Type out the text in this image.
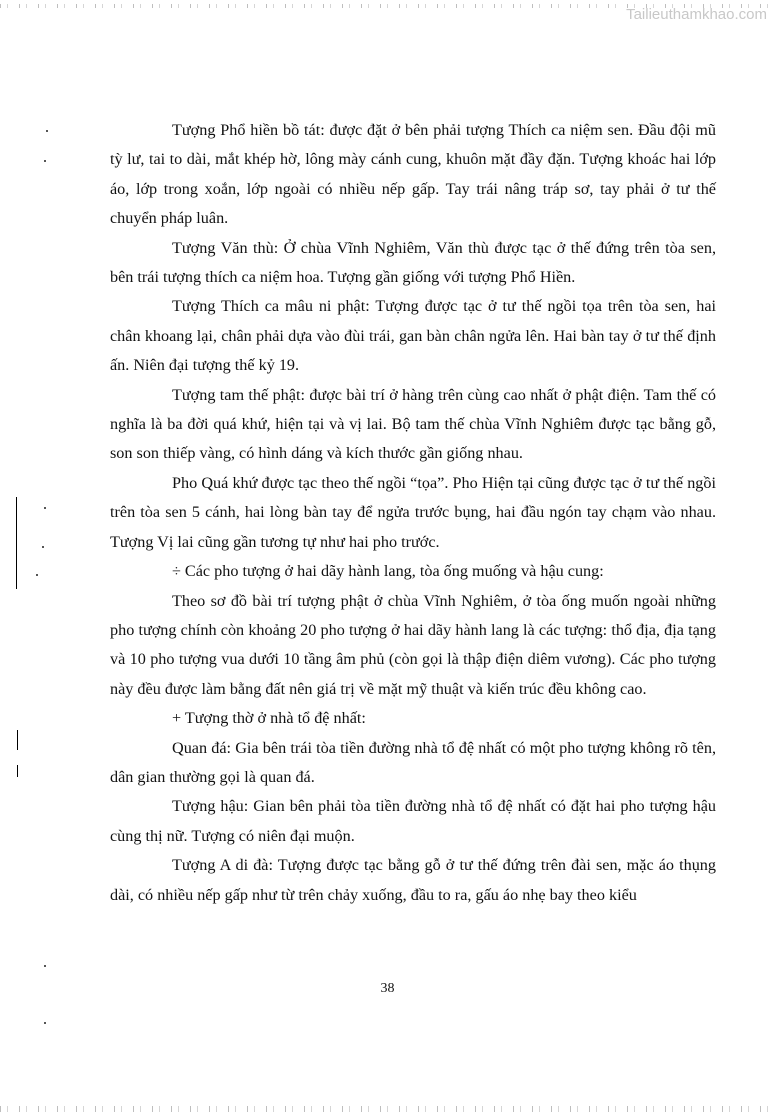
Tailieuthamkhao.com

Tượng Phổ hiền bồ tát: được đặt ở bên phải tượng Thích ca niệm sen. Đầu đội mũ tỳ lư, tai to dài, mắt khép hờ, lông mày cánh cung, khuôn mặt đầy đặn. Tượng khoác hai lớp áo, lớp trong xoắn, lớp ngoài có nhiều nếp gấp. Tay trái nâng tráp sơ, tay phải ở tư thế chuyển pháp luân.

Tượng Văn thù: Ở chùa Vĩnh Nghiêm, Văn thù được tạc ở thế đứng trên tòa sen, bên trái tượng thích ca niệm hoa. Tượng gần giống với tượng Phổ Hiền.

Tượng Thích ca mâu ni phật: Tượng được tạc ở tư thế ngồi tọa trên tòa sen, hai chân khoang lại, chân phải dựa vào đùi trái, gan bàn chân ngửa lên. Hai bàn tay ở tư thế định ấn. Niên đại tượng thế kỷ 19.

Tượng tam thế phật: được bài trí ở hàng trên cùng cao nhất ở phật điện. Tam thế có nghĩa là ba đời quá khứ, hiện tại và vị lai. Bộ tam thế chùa Vĩnh Nghiêm được tạc bằng gỗ, son son thiếp vàng, có hình dáng và kích thước gần giống nhau.

Pho Quá khứ được tạc theo thế ngồi “tọa”. Pho Hiện tại cũng được tạc ở tư thế ngồi trên tòa sen 5 cánh, hai lòng bàn tay để ngửa trước bụng, hai đầu ngón tay chạm vào nhau. Tượng Vị lai cũng gần tương tự như hai pho trước.

÷ Các pho tượng ở hai dãy hành lang, tòa ống muống và hậu cung:

Theo sơ đồ bài trí tượng phật ở chùa Vĩnh Nghiêm, ở tòa ống muốn ngoài những pho tượng chính còn khoảng 20 pho tượng ở hai dãy hành lang là các tượng: thổ địa, địa tạng và 10 pho tượng vua dưới 10 tầng âm phủ (còn gọi là thập điện diêm vương). Các pho tượng này đều được làm bằng đất nên giá trị về mặt mỹ thuật và kiến trúc đều không cao.

+ Tượng thờ ở nhà tổ đệ nhất:

Quan đá: Gia bên trái tòa tiền đường nhà tổ đệ nhất có một pho tượng không rõ tên, dân gian thường gọi là quan đá.

Tượng hậu: Gian bên phải tòa tiền đường nhà tổ đệ nhất có đặt hai pho tượng hậu cùng thị nữ. Tượng có niên đại muộn.

Tượng A di đà: Tượng được tạc bằng gỗ ở tư thế đứng trên đài sen, mặc áo thụng dài, có nhiều nếp gấp như từ trên chảy xuống, đầu to ra, gấu áo nhẹ bay theo kiểu

38
